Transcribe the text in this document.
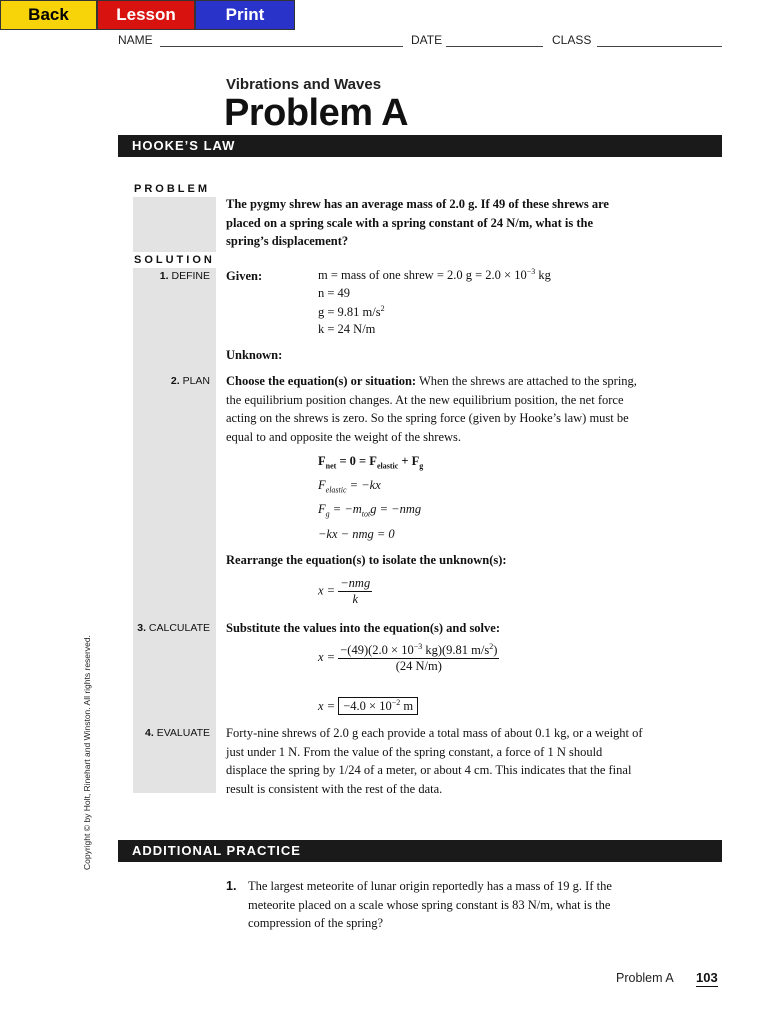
Back	Lesson	Print
NAME	DATE	CLASS
Vibrations and Waves
Problem A
HOOKE’S LAW
PROBLEM
The pygmy shrew has an average mass of 2.0 g. If 49 of these shrews are placed on a spring scale with a spring constant of 24 N/m, what is the spring’s displacement?
SOLUTION
1. DEFINE Given:	m = mass of one shrew = 2.0 $g = 2.0 \times 10^{-3}$ kg
n = 49
g = 9.81 $m/s^2$
k = 24 N/m
Unknown:
2. PLAN Choose the equation(s) or situation: When the shrews are attached to the spring, the equilibrium position changes. At the new equilibrium position, the net force acting on the shrews is zero. So the spring force (given by Hooke’s law) must be equal to and opposite the weight of the shrews.
$F_{net} = 0 = F_{elastic} + F_g$
$F_{elastic} = -kx$
$F_g = -m_{tot}g = -nmg$
−kx − nmg = 0
Rearrange the equation(s) to isolate the unknown(s):
$x = \frac{\text{−nmg}}{k}$
3. CALCULATE Substitute the values into the equation(s) and solve:
$x = \frac{-(49)(2.0 \times 10^{-3} kg)(9.81 m/s^2)}{(24 N/m)}$
$x = -4.0 \times 10^{-2}$ m
4. EVALUATE Forty-nine shrews of 2.0 g each provide a total mass of about 0.1 kg, or a weight of just under 1 N. From the value of the spring constant, a force of 1 N should displace the spring by 1/24 of a meter, or about 4 cm. This indicates that the final result is consistent with the rest of the data.
ADDITIONAL PRACTICE
1. The largest meteorite of lunar origin reportedly has a mass of 19 g. If the meteorite placed on a scale whose spring constant is 83 N/m, what is the compression of the spring?
Problem A 103
Copyright © by Holt, Rinehart and Winston. All rights reserved.
